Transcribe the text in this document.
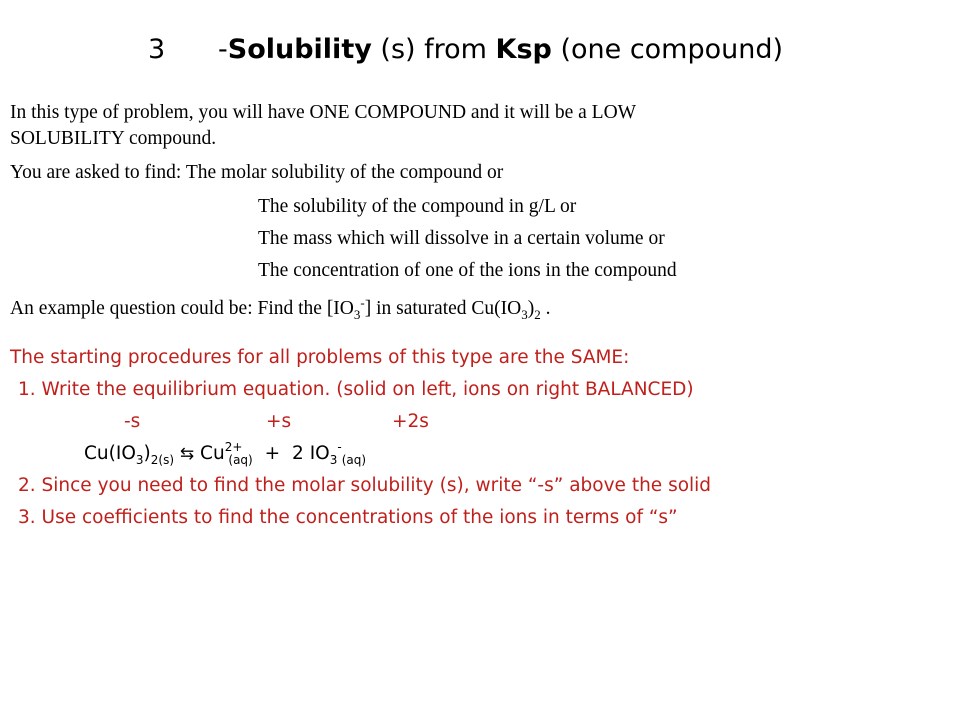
3 -Solubility (s) from Ksp (one compound)
In this type of problem, you will have ONE COMPOUND and it will be a LOW
SOLUBILITY compound.
You are asked to find: The molar solubility of the compound or
The solubility of the compound in g/L or
The mass which will dissolve in a certain volume or
The concentration of one of the ions in the compound
An example question could be: Find the $[IO_3^-]$ in saturated $Cu(IO_3)_2$ .
The starting procedures for all problems of this type are the SAME:
1. Write the equilibrium equation. (solid on left, ions on right BALANCED)
-s	+s	+2s
$Cu(IO_3)_{2(s)}$ ⇆ $Cu^{2+}_{(aq)} + 2$ $IO_3^-_{(aq)}$
2. Since you need to find the molar solubility (s), write “-s” above the solid
3. Use coefficients to find the concentrations of the ions in terms of “s”
